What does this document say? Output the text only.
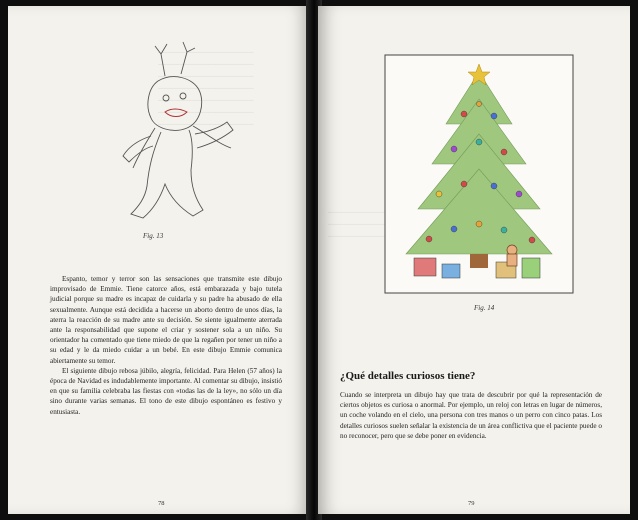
───────────────
───────────────
───────────────
───────────────
───────────────
───────────────
───────────────
Fig. 13

Espanto, temor y terror son las sensaciones que transmite este dibujo improvisado de Emmie. Tiene catorce años, está embarazada y bajo tutela judicial porque su madre es incapaz de cuidarla y su padre ha abusado de ella sexualmente. Aunque está decidida a hacerse un aborto dentro de unos días, la aterra la reacción de su madre ante su decisión. Se siente igualmente aterrada ante la responsabilidad que supone el criar y sostener sola a un niño. Su orientador ha comentado que tiene miedo de que la regañen por tener un niño a su edad y le da miedo cuidar a un bebé. En este dibujo Emmie comunica abiertamente su temor.

El siguiente dibujo rebosa júbilo, alegría, felicidad. Para Helen (57 años) la época de Navidad es indudablemente importante. Al comentar su dibujo, insistió en que su familia celebraba las fiestas con «todas las de la ley», no sólo un día sino durante varias semanas. El tono de este dibujo espontáneo es festivo y entusiasta.

78
─────────
─────────
─────────
Fig. 14
¿Qué detalles curiosos tiene?

Cuando se interpreta un dibujo hay que trata de descubrir por qué la representación de ciertos objetos es curiosa o anormal. Por ejemplo, un reloj con letras en lugar de números, un coche volando en el cielo, una persona con tres manos o un perro con cinco patas. Los detalles curiosos suelen señalar la existencia de un área conflictiva que el paciente puede o no reconocer, pero que se debe poner en evidencia.

79
